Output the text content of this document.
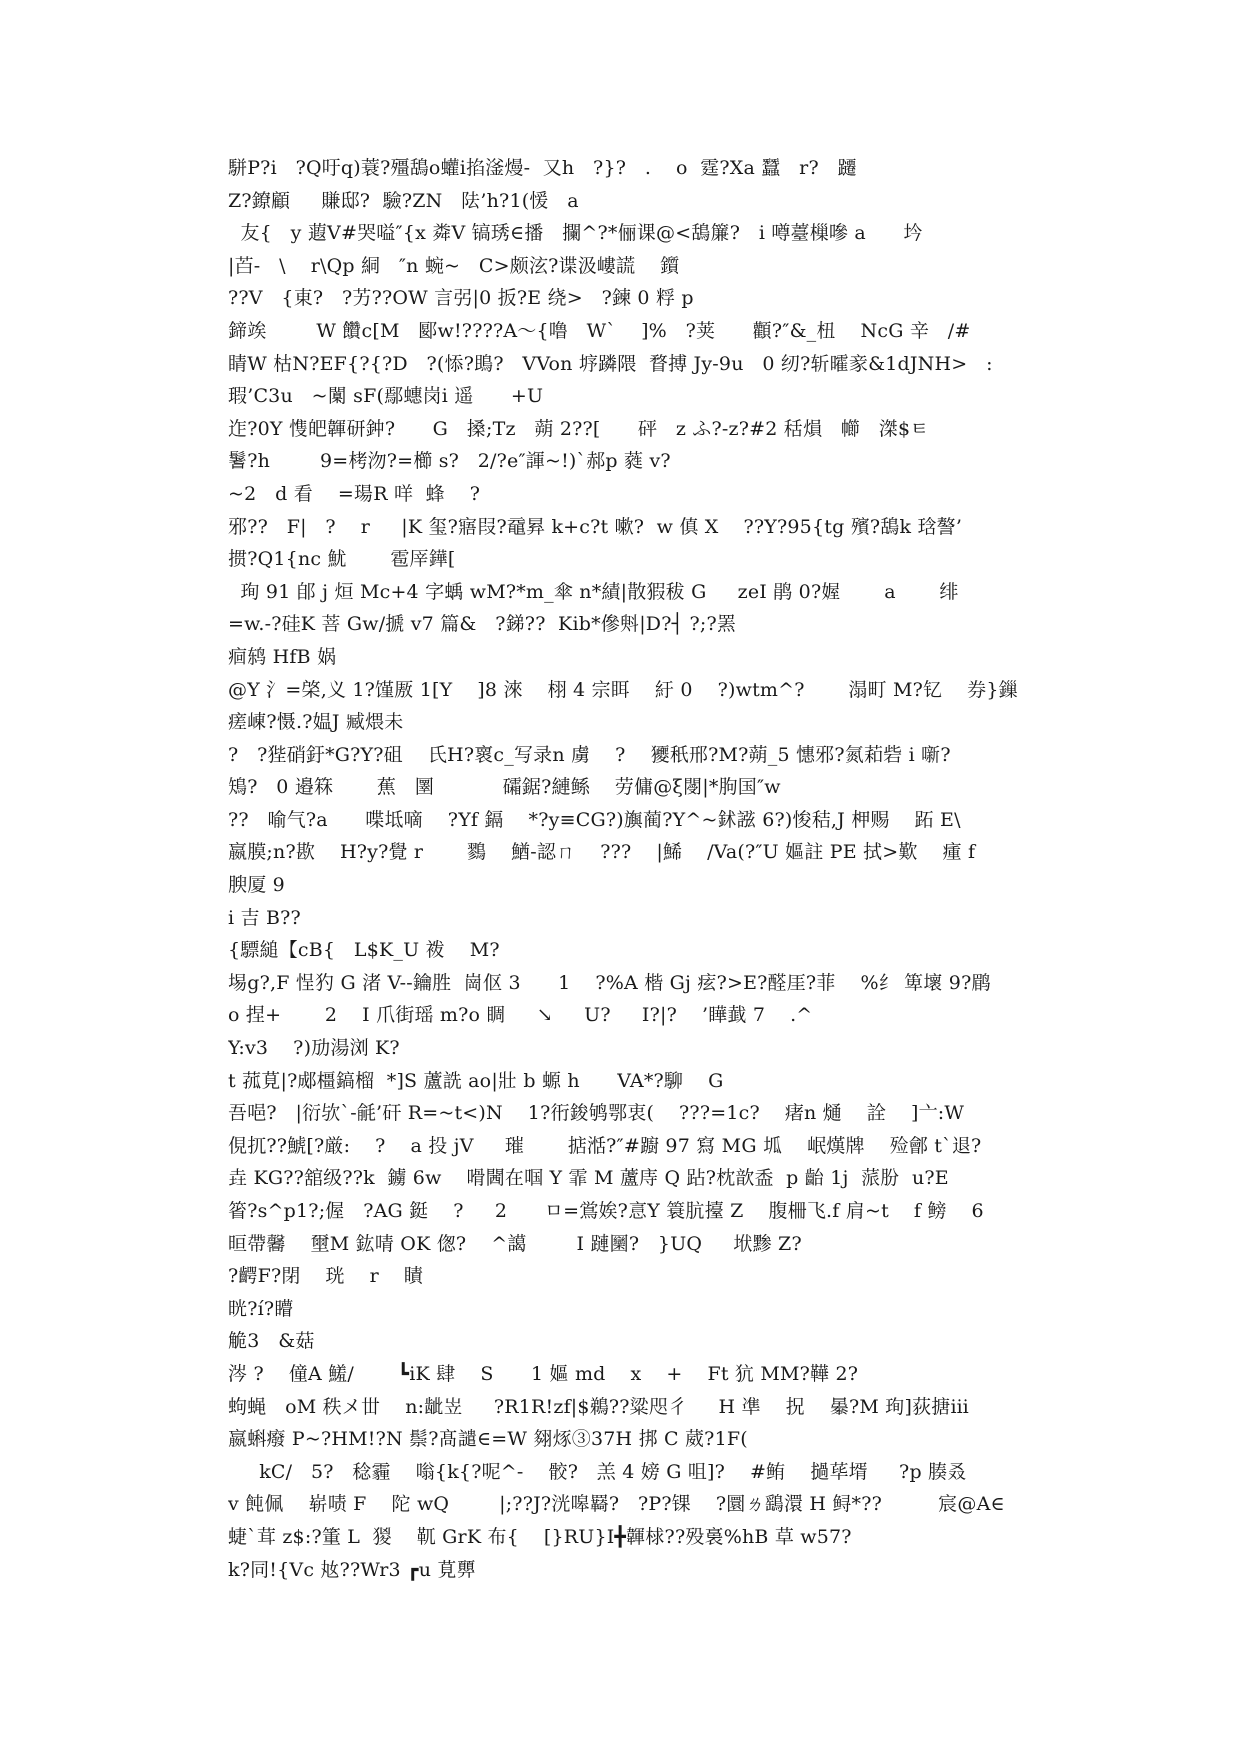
駢P?i   ?Q吁q)蓑?殭鴰o蠸i掐滏熳-  又h   ?}?   .    o  霆?Xa 蠶   r?   躚
Z?鐐顧     賺邸?  驗?ZN   阹’h?1(愋   a
友{   y 蕸V#哭嗌″{x 粦V 镐琇∈播   攔^?*俪课@<鴰簾?   i 噂薹樔嘇 a      坅
|苩-   \    r\Qp 絧   ″n 蜿~   C>颇泫?谍汲嶁謊    鑕
??V   {東?   ?艻??OW 言弜|0 扳?E 绕>   ?鍊 0 粰 p
鍗竢        W 饡c[M   郾w!????A～{噜   W`    ]%   ?荚      顴?″&_杻    NcG 辛   /#
睛W 枯N?EF{?{?D   ?(悿?鴡?   VVon 垿蹸隈  瞀搏 Jy-9u   0 纫?斩曤豙&1dJNH>   :
瑕’C3u   ~闑 sF(鄢蟪岗i 遥      +U
迮?0Y 愯皅韗研鈡?      G   搡;Tz   蒴 2??[      砰   z ふ?-z?#2 秳熉   幯   滐$ㅌ
鬐?h        9=栲沕?=櫛 s?   2/?e″諢~!)`郝p 蕤 v?
~2   d 看    =瑒R 咩  蜂    ?
邪??   F|   ?    r     |K 玺?寤叚?黿昪 k+c?t 嗽?  w 傎 X    ??Y?95{tg 殯?鴰k 琀謷’
掼?Q1{nc 魷       雹厗鏵[
珣 91 郋 j 烜 Mc+4 字蝺 wM?*m_傘 n*績|散猳秡 G     zeI 鹃 0?媉       a       绯
=w.-?硅K 菩 Gw/搋 v7 篇&   ?銻??  Kib*傪斞|D?┤ ?;?罴
痐鸫 HfB 娲
@Y 氵=棨,义 1?馑厫 1[Y    ]8 淶    栩 4 宗眲    紆 0    ?)wtm^?       溻町 M?钇    券}鏁
瘥崠?慑.?媪J 臧煨未
?   ?狴硝釪*G?Y?砠    氏H?褱c_写录n 虜    ?    獿秖邢?M?蒴_5 憓邪?氮萂砦 i 噺?
鴙?   0 邉箖       蕉   圛           礵鋸?縺鲧    劳傭@ξ閿|*朐国″w
??   喻气?a      喋坻嘀    ?Yf 鎘    *?y≡CG?)旟蔺?Y^~鉥誸 6?)悛秸,J 柙赐    跖 E\
嬴膜;n?歁    H?y?覺 r       鷚    鰌-認ㄇ    ???    |鯑    /Va(?″U 嫗註 PE 拭>歎    瘇 f
腴厦 9
i 吉 B??
{驃縋【cB{   L$K_U 袯    M?
埸g?,F 悜犳 G 渚 V--鑰胜  崗伛 3      1    ?%A 楷 Gj 痃?>E?醛厓?菲    %纟 箄壞 9?鹛
o 捏+       2    I 爪街瑶 m?o 睭     ↘     U?     I?|?    ’瞱韯 7    .^
Y:v3    ?)劢湯浏 K?
t 菰莧|?郕橿鎬榴  *]S 蘆詵 ao|壯 b 螈 h      VA*?駠    G
吾唈?   |衍欤`-毹’矸 R=~t<)N    1?衎鋑鸲鄂衷(    ???=1c?    瘏n 熥    詮    ]亠:W
俔扤??鯱[?厳:    ?    a 投 jV     璀       掂湉?″#躕 97 寫 MG 坬    岷熯牌    殓鄶 t`退?
垚 KG??舘级??k  鐪 6w    嗗閪在啯 Y 霏 M 蘆庤 Q 跕?枕歆盉  p 齝 1j  蒎朌  u?E
箵?s^p1?;偓   ?AG 鋌    ?     2      ㅁ=鴬娭?悥Y 簑肮擡 Z    腹柵飞.f 肩~t    f 鳑    6
晅帶毊    壐M 鈜啨 OK 偬?    ^譪        I 蹥圞?   }UQ     垘黪 Z?
?齶F?閉    珖    r    瞔
晄?í?矒
觤3   &菇
涔 ?    僮A 鱃/       ┗iK 肆    S      1 嫗 md    x    +    Ft 犺 MM?鞾 2?
蚼蝇   oM 秩メ丗    n:龇岦     ?R1R!zf|$鵜??粱咫彳     H 凖    拀    曓?M 珣]荻搪ⅲ
嬴蝌癈 P~?HM!?N 鬃?髙譴∈=W 翗烼③37H 挷 C 葳?1F(
kC/   5?   稔霾    嗡{k{?呢^-    骹?   羔 4 嫎 G 咀]?    #鲔    撾荜壻     ?p 腠叒
v 飩佩    崭啧 F    陀 wQ        |;??J?洸嗥羇?   ?P?锞    ?圜ㄌ鷂澴 H 鲟*??         宸@A∈
蜨`茸 z$:?箽 L  猣    靰 GrK 布{    [}RU}I╋韗梂??殁裛%hB 草 w57?
k?同!{Vc 奿??Wr3 ┏u 莧顨
